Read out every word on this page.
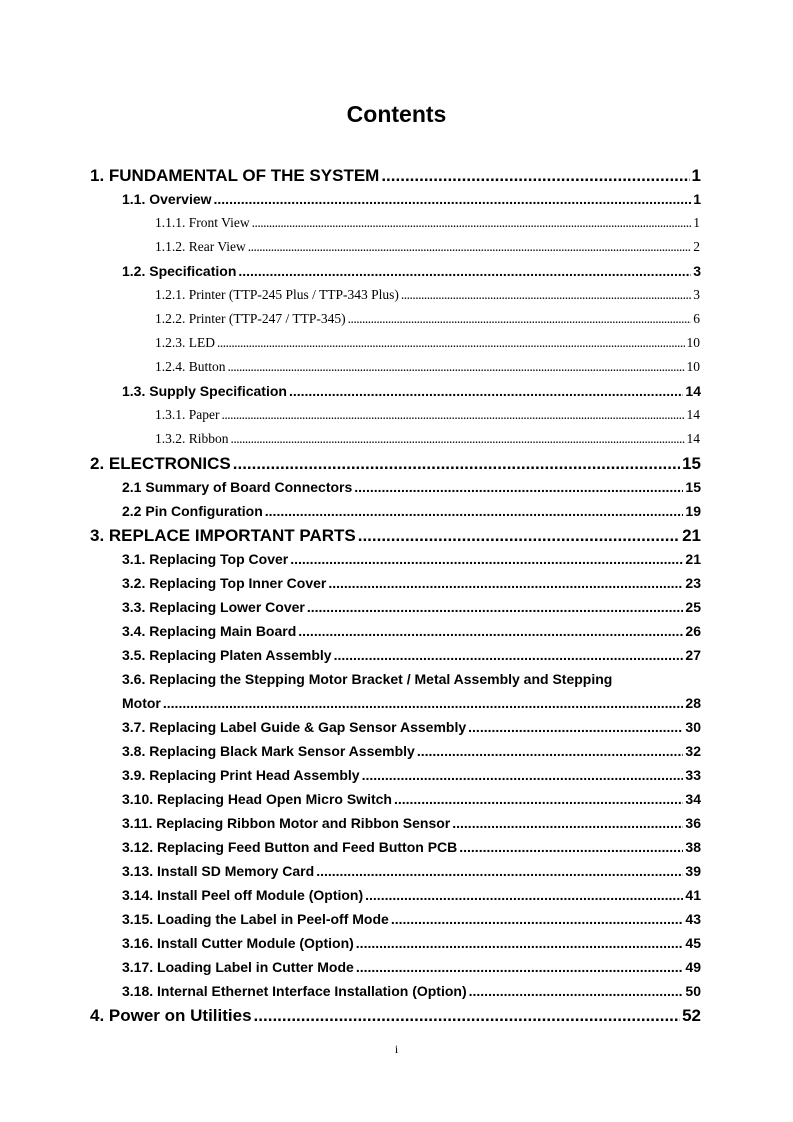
Contents
1. FUNDAMENTAL OF THE SYSTEM .....	1
1.1. Overview .....	1
1.1.1. Front View .....	1
1.1.2. Rear View .....	2
1.2. Specification .....	3
1.2.1. Printer (TTP-245 Plus / TTP-343 Plus) .....	3
1.2.2. Printer (TTP-247 / TTP-345) .....	6
1.2.3. LED .....	10
1.2.4. Button .....	10
1.3. Supply Specification .....	14
1.3.1. Paper .....	14
1.3.2. Ribbon .....	14
2. ELECTRONICS .....	15
2.1 Summary of Board Connectors .....	15
2.2 Pin Configuration .....	19
3. REPLACE IMPORTANT PARTS .....	21
3.1. Replacing Top Cover .....	21
3.2. Replacing Top Inner Cover .....	23
3.3. Replacing Lower Cover .....	25
3.4. Replacing Main Board .....	26
3.5. Replacing Platen Assembly .....	27
3.6. Replacing the Stepping Motor Bracket / Metal Assembly and Stepping
Motor .....	28
3.7. Replacing Label Guide & Gap Sensor Assembly .....	30
3.8. Replacing Black Mark Sensor Assembly .....	32
3.9. Replacing Print Head Assembly .....	33
3.10. Replacing Head Open Micro Switch .....	34
3.11. Replacing Ribbon Motor and Ribbon Sensor .....	36
3.12. Replacing Feed Button and Feed Button PCB .....	38
3.13. Install SD Memory Card .....	39
3.14. Install Peel off Module (Option) .....	41
3.15. Loading the Label in Peel-off Mode .....	43
3.16. Install Cutter Module (Option) .....	45
3.17. Loading Label in Cutter Mode .....	49
3.18. Internal Ethernet Interface Installation (Option) .....	50
4. Power on Utilities .....	52
i
